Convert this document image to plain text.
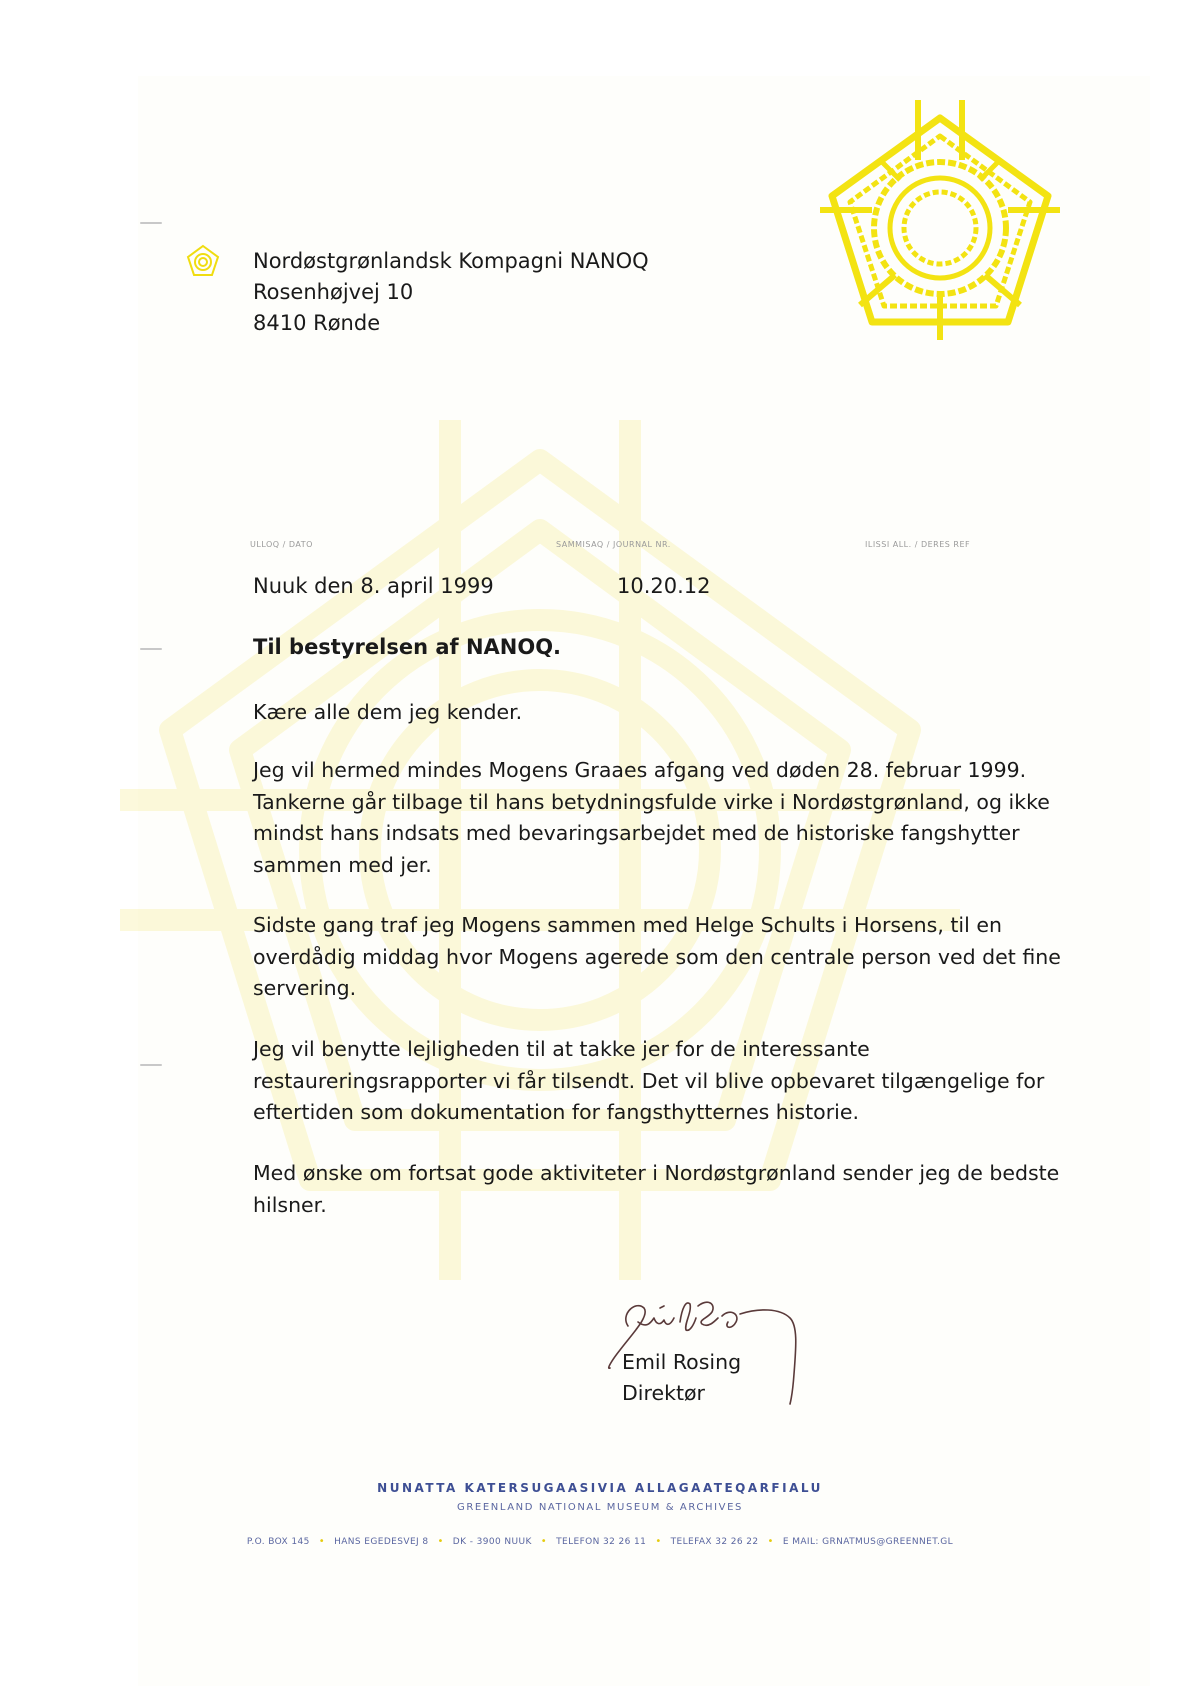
Nordøstgrønlandsk Kompagni NANOQ
Rosenhøjvej 10
8410 Rønde
ULLOQ / DATO	SAMMISAQ / JOURNAL NR.	ILISSI ALL. / DERES REF
Nuuk den 8. april 1999	10.20.12
Til bestyrelsen af NANOQ.
Kære alle dem jeg kender.
Jeg vil hermed mindes Mogens Graaes afgang ved døden 28. februar 1999. Tankerne går tilbage til hans betydningsfulde virke i Nordøstgrønland, og ikke mindst hans indsats med bevaringsarbejdet med de historiske fangshytter sammen med jer.
Sidste gang traf jeg Mogens sammen med Helge Schults i Horsens, til en overdådig middag hvor Mogens agerede som den centrale person ved det fine servering.
Jeg vil benytte lejligheden til at takke jer for de interessante restaureringsrapporter vi får tilsendt. Det vil blive opbevaret tilgængelige for eftertiden som dokumentation for fangsthytternes historie.
Med ønske om fortsat gode aktiviteter i Nordøstgrønland sender jeg de bedste hilsner.
Emil Rosing
Direktør
NUNATTA KATERSUGAASIVIA ALLAGAATEQARFIALU
GREENLAND NATIONAL MUSEUM & ARCHIVES
P.O. BOX 145 • HANS EGEDESVEJ 8 • DK - 3900 NUUK • TELEFON 32 26 11 • TELEFAX 32 26 22 • E MAIL: GRNATMUS@GREENNET.GL
